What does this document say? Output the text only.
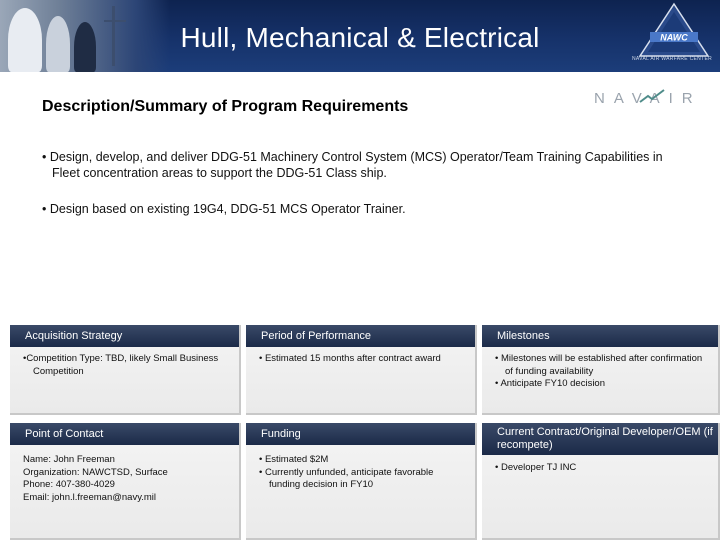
Hull, Mechanical & Electrical	NAWC
NAVAL AIR WARFARE CENTER
Description/Summary of Program Requirements	NAVAIR
• Design, develop, and deliver DDG-51 Machinery Control System (MCS) Operator/Team Training Capabilities in Fleet concentration areas to support the DDG-51 Class ship.
• Design based on existing 19G4, DDG-51 MCS Operator Trainer.
Acquisition Strategy
•Competition Type: TBD, likely Small Business Competition
Period of Performance
• Estimated 15 months after contract award
Milestones
• Milestones will be established after confirmation of funding availability
• Anticipate FY10 decision
Point of Contact
Name: John Freeman
Organization: NAWCTSD, Surface
Phone: 407-380-4029
Email: john.l.freeman@navy.mil
Funding
• Estimated $2M
• Currently unfunded, anticipate favorable funding decision in FY10
Current Contract/Original Developer/OEM (if recompete)
• Developer TJ INC
